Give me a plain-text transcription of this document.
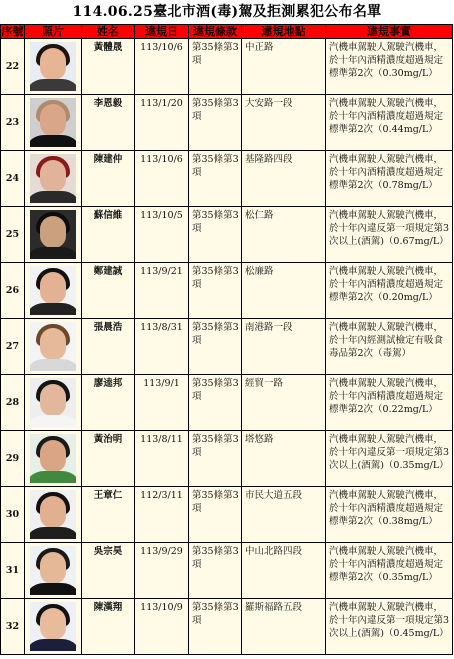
114.06.25臺北市酒(毒)駕及拒測累犯公布名單
序號	照片	姓名	違規日	違規條款	違規地點	違規事實
22		黃體晟	113/10/6	第35條第3項	中正路	汽機車駕駛人駕駛汽機車，於十年內酒精濃度超過規定標準第2次（0.30mg/L）
23		李恩毅	113/1/20	第35條第3項	大安路一段	汽機車駕駛人駕駛汽機車，於十年內酒精濃度超過規定標準第2次（0.44mg/L）
24		陳建仲	113/10/6	第35條第3項	基隆路四段	汽機車駕駛人駕駛汽機車，於十年內酒精濃度超過規定標準第2次（0.78mg/L）
25		蘇信維	113/10/5	第35條第3項	松仁路	汽機車駕駛人駕駛汽機車，於十年內違反第一項規定第3次以上(酒駕)（0.67mg/L）
26		鄭建誠	113/9/21	第35條第3項	松廉路	汽機車駕駛人駕駛汽機車，於十年內酒精濃度超過規定標準第2次（0.20mg/L）
27		張晨浩	113/8/31	第35條第3項	南港路一段	汽機車駕駛人駕駛汽機車，於十年內經測試檢定有吸食毒品第2次（毒駕）
28		廖逵邦	113/9/1	第35條第3項	經貿一路	汽機車駕駛人駕駛汽機車，於十年內酒精濃度超過規定標準第2次（0.22mg/L）
29		黃治明	113/8/11	第35條第3項	塔悠路	汽機車駕駛人駕駛汽機車，於十年內違反第一項規定第3次以上(酒駕)（0.35mg/L）
30		王章仁	112/3/11	第35條第3項	市民大道五段	汽機車駕駛人駕駛汽機車，於十年內酒精濃度超過規定標準第2次（0.38mg/L）
31		吳宗昊	113/9/29	第35條第3項	中山北路四段	汽機車駕駛人駕駛汽機車，於十年內酒精濃度超過規定標準第2次（0.35mg/L）
32		陳漢翔	113/10/9	第35條第3項	羅斯福路五段	汽機車駕駛人駕駛汽機車，於十年內違反第一項規定第3次以上(酒駕)（0.45mg/L）
